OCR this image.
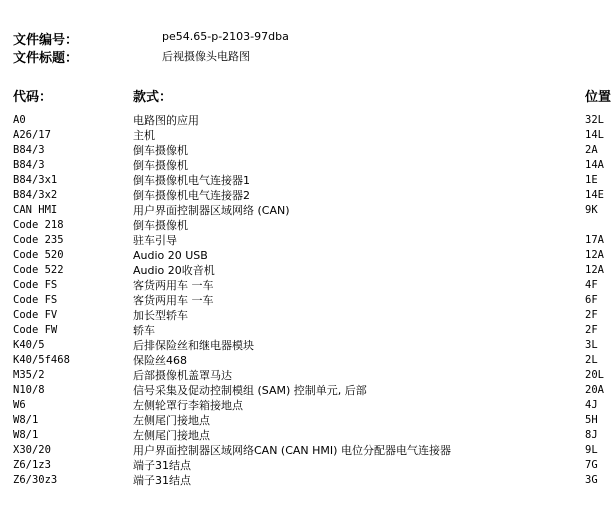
文件编号：	pe54.65-p-2103-97dba
文件标题：	后视摄像头电路图
代码：	款式：	位置
A0	电路图的应用	32L
A26/17	主机	14L
B84/3	倒车摄像机	2A
B84/3	倒车摄像机	14A
B84/3x1	倒车摄像机电气连接器1	1E
B84/3x2	倒车摄像机电气连接器2	14E
CAN HMI	用户界面控制器区域网络 (CAN)	9K
Code 218	倒车摄像机
Code 235	驻车引导	17A
Code 520	Audio 20 USB	12A
Code 522	Audio 20收音机	12A
Code FS	客货两用车 一车	4F
Code FS	客货两用车 一车	6F
Code FV	加长型轿车	2F
Code FW	轿车	2F
K40/5	后排保险丝和继电器模块	3L
K40/5f468	保险丝468	2L
M35/2	后部摄像机盖罩马达	20L
N10/8	信号采集及促动控制模组 (SAM) 控制单元, 后部	20A
W6	左侧轮罩行李箱接地点	4J
W8/1	左侧尾门接地点	5H
W8/1	左侧尾门接地点	8J
X30/20	用户界面控制器区域网络CAN (CAN HMI) 电位分配器电气连接器	9L
Z6/1z3	端子31结点	7G
Z6/30z3	端子31结点	3G
